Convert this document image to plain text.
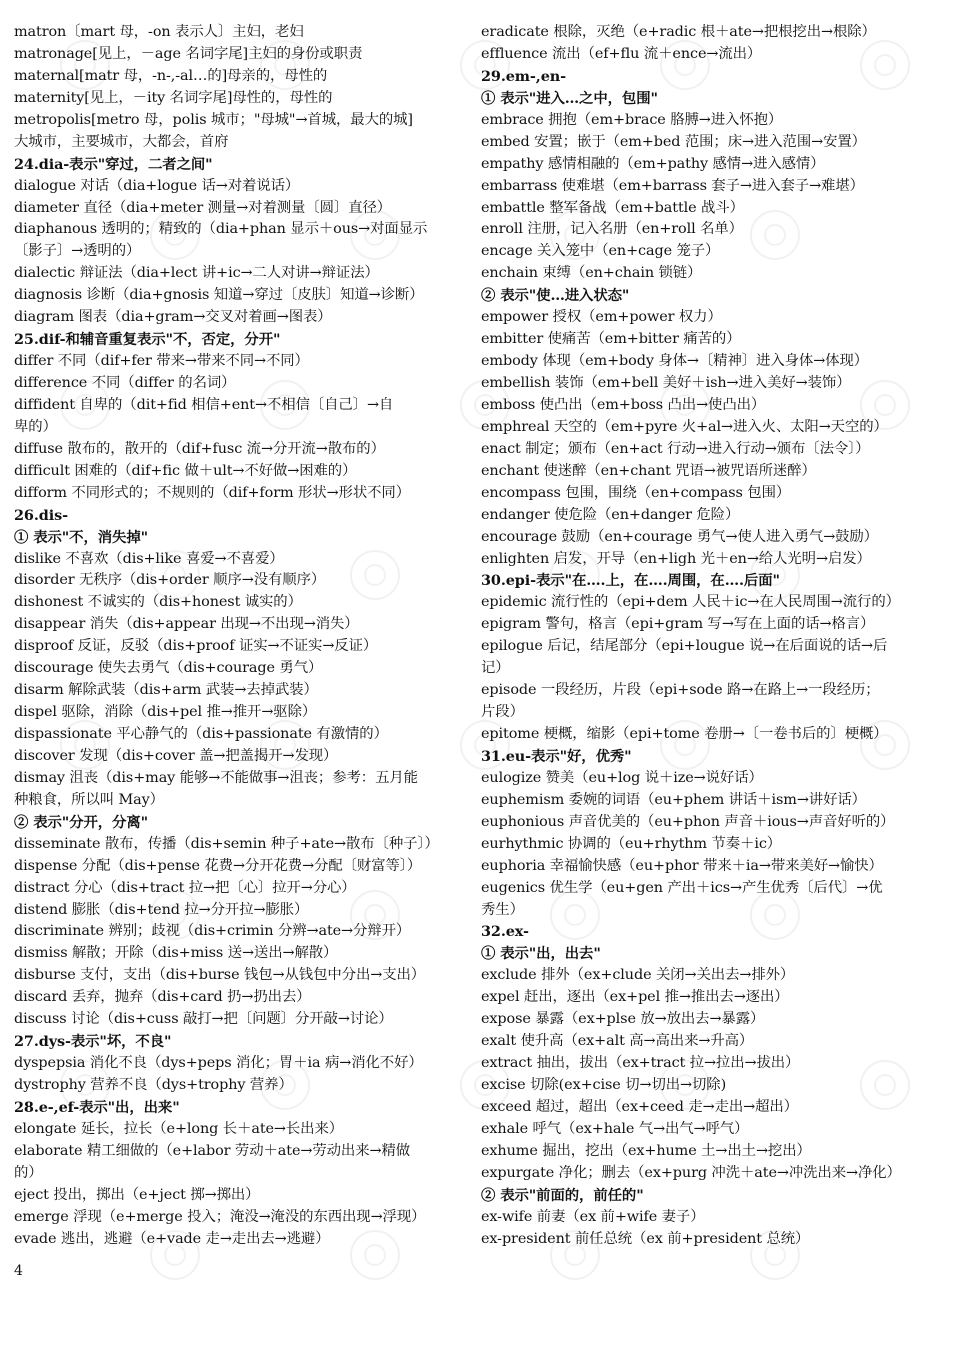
matron〔mart 母，-on 表示人〕主妇，老妇
matronage[见上，－age 名词字尾]主妇的身份或职责
maternal[matr 母，-n-,-al…的]母亲的，母性的
maternity[见上，－ity 名词字尾]母性的，母性的
metropolis[metro 母，polis 城市；"母城"→首城，最大的城]
大城市，主要城市，大都会，首府
24.dia-表示"穿过，二者之间"
dialogue 对话（dia+logue 话→对着说话）
diameter 直径（dia+meter 测量→对着测量〔圆〕直径）
diaphanous 透明的；精致的（dia+phan 显示＋ous→对面显示
〔影子〕→透明的）
dialectic 辩证法（dia+lect 讲+ic→二人对讲→辩证法）
diagnosis 诊断（dia+gnosis 知道→穿过〔皮肤〕知道→诊断）
diagram 图表（dia+gram→交叉对着画→图表）
25.dif-和辅音重复表示"不，否定，分开"
differ 不同（dif+fer 带来→带来不同→不同）
difference 不同（differ 的名词）
diffident 自卑的（dit+fid 相信+ent→不相信〔自己〕→自
卑的）
diffuse 散布的，散开的（dif+fusc 流→分开流→散布的）
difficult 困难的（dif+fic 做＋ult→不好做→困难的）
difform 不同形式的；不规则的（dif+form 形状→形状不同）
26.dis-
① 表示"不，消失掉"
dislike 不喜欢（dis+like 喜爱→不喜爱）
disorder 无秩序（dis+order 顺序→没有顺序）
dishonest 不诚实的（dis+honest 诚实的）
disappear 消失（dis+appear 出现→不出现→消失）
disproof 反证，反驳（dis+proof 证实→不证实→反证）
discourage 使失去勇气（dis+courage 勇气）
disarm 解除武装（dis+arm 武装→去掉武装）
dispel 驱除，消除（dis+pel 推→推开→驱除）
dispassionate 平心静气的（dis+passionate 有激情的）
discover 发现（dis+cover 盖→把盖揭开→发现）
dismay 沮丧（dis+may 能够→不能做事→沮丧；参考：五月能
种粮食，所以叫 May）
② 表示"分开，分离"
disseminate 散布，传播（dis+semin 种子+ate→散布〔种子〕）
dispense 分配（dis+pense 花费→分开花费→分配〔财富等〕）
distract 分心（dis+tract 拉→把〔心〕拉开→分心）
distend 膨胀（dis+tend 拉→分开拉→膨胀）
discriminate 辨别；歧视（dis+crimin 分辨→ate→分辩开）
dismiss 解散；开除（dis+miss 送→送出→解散）
disburse 支付，支出（dis+burse 钱包→从钱包中分出→支出）
discard 丢弃，抛弃（dis+card 扔→扔出去）
discuss 讨论（dis+cuss 敲打→把〔问题〕分开敲→讨论）
27.dys-表示"坏，不良"
dyspepsia 消化不良（dys+peps 消化；胃＋ia 病→消化不好）
dystrophy 营养不良（dys+trophy 营养）
28.e-,ef-表示"出，出来"
elongate 延长，拉长（e+long 长＋ate→长出来）
elaborate 精工细做的（e+labor 劳动＋ate→劳动出来→精做
的）
eject 投出，掷出（e+ject 掷→掷出）
emerge 浮现（e+merge 投入；淹没→淹没的东西出现→浮现）
evade 逃出，逃避（e+vade 走→走出去→逃避）
eradicate 根除，灭绝（e+radic 根＋ate→把根挖出→根除）
effluence 流出（ef+flu 流＋ence→流出）
29.em-,en-
① 表示"进入…之中，包围"
embrace 拥抱（em+brace 胳膊→进入怀抱）
embed 安置；嵌于（em+bed 范围；床→进入范围→安置）
empathy 感情相融的（em+pathy 感情→进入感情）
embarrass 使难堪（em+barrass 套子→进入套子→难堪）
embattle 整军备战（em+battle 战斗）
enroll 注册，记入名册（en+roll 名单）
encage 关入笼中（en+cage 笼子）
enchain 束缚（en+chain 锁链）
② 表示"使…进入状态"
empower 授权（em+power 权力）
embitter 使痛苦（em+bitter 痛苦的）
embody 体现（em+body 身体→〔精神〕进入身体→体现）
embellish 装饰（em+bell 美好＋ish→进入美好→装饰）
emboss 使凸出（em+boss 凸出→使凸出）
emphreal 天空的（em+pyre 火+al→进入火、太阳→天空的）
enact 制定；颁布（en+act 行动→进入行动→颁布〔法令〕）
enchant 使迷醉（en+chant 咒语→被咒语所迷醉）
encompass 包围，围绕（en+compass 包围）
endanger 使危险（en+danger 危险）
encourage 鼓励（en+courage 勇气→使人进入勇气→鼓励）
enlighten 启发，开导（en+ligh 光＋en→给人光明→启发）
30.epi-表示"在….上，在….周围，在….后面"
epidemic 流行性的（epi+dem 人民＋ic→在人民周围→流行的）
epigram 警句，格言（epi+gram 写→写在上面的话→格言）
epilogue 后记，结尾部分（epi+lougue 说→在后面说的话→后
记）
episode 一段经历，片段（epi+sode 路→在路上→一段经历；
片段）
epitome 梗概，缩影（epi+tome 卷册→〔一卷书后的〕梗概）
31.eu-表示"好，优秀"
eulogize 赞美（eu+log 说＋ize→说好话）
euphemism 委婉的词语（eu+phem 讲话＋ism→讲好话）
euphonious 声音优美的（eu+phon 声音＋ious→声音好听的）
eurhythmic 协调的（eu+rhythm 节奏＋ic）
euphoria 幸福愉快感（eu+phor 带来＋ia→带来美好→愉快）
eugenics 优生学（eu+gen 产出＋ics→产生优秀〔后代〕→优
秀生）
32.ex-
① 表示"出，出去"
exclude 排外（ex+clude 关闭→关出去→排外）
expel 赶出，逐出（ex+pel 推→推出去→逐出）
expose 暴露（ex+plse 放→放出去→暴露）
exalt 使升高（ex+alt 高→高出来→升高）
extract 抽出，拔出（ex+tract 拉→拉出→拔出）
excise 切除(ex+cise 切→切出→切除)
exceed 超过，超出（ex+ceed 走→走出→超出）
exhale 呼气（ex+hale 气→出气→呼气）
exhume 掘出，挖出（ex+hume 土→出土→挖出）
expurgate 净化；删去（ex+purg 冲洗＋ate→冲洗出来→净化）
② 表示"前面的，前任的"
ex-wife 前妻（ex 前+wife 妻子）
ex-president 前任总统（ex 前+president 总统）
4
